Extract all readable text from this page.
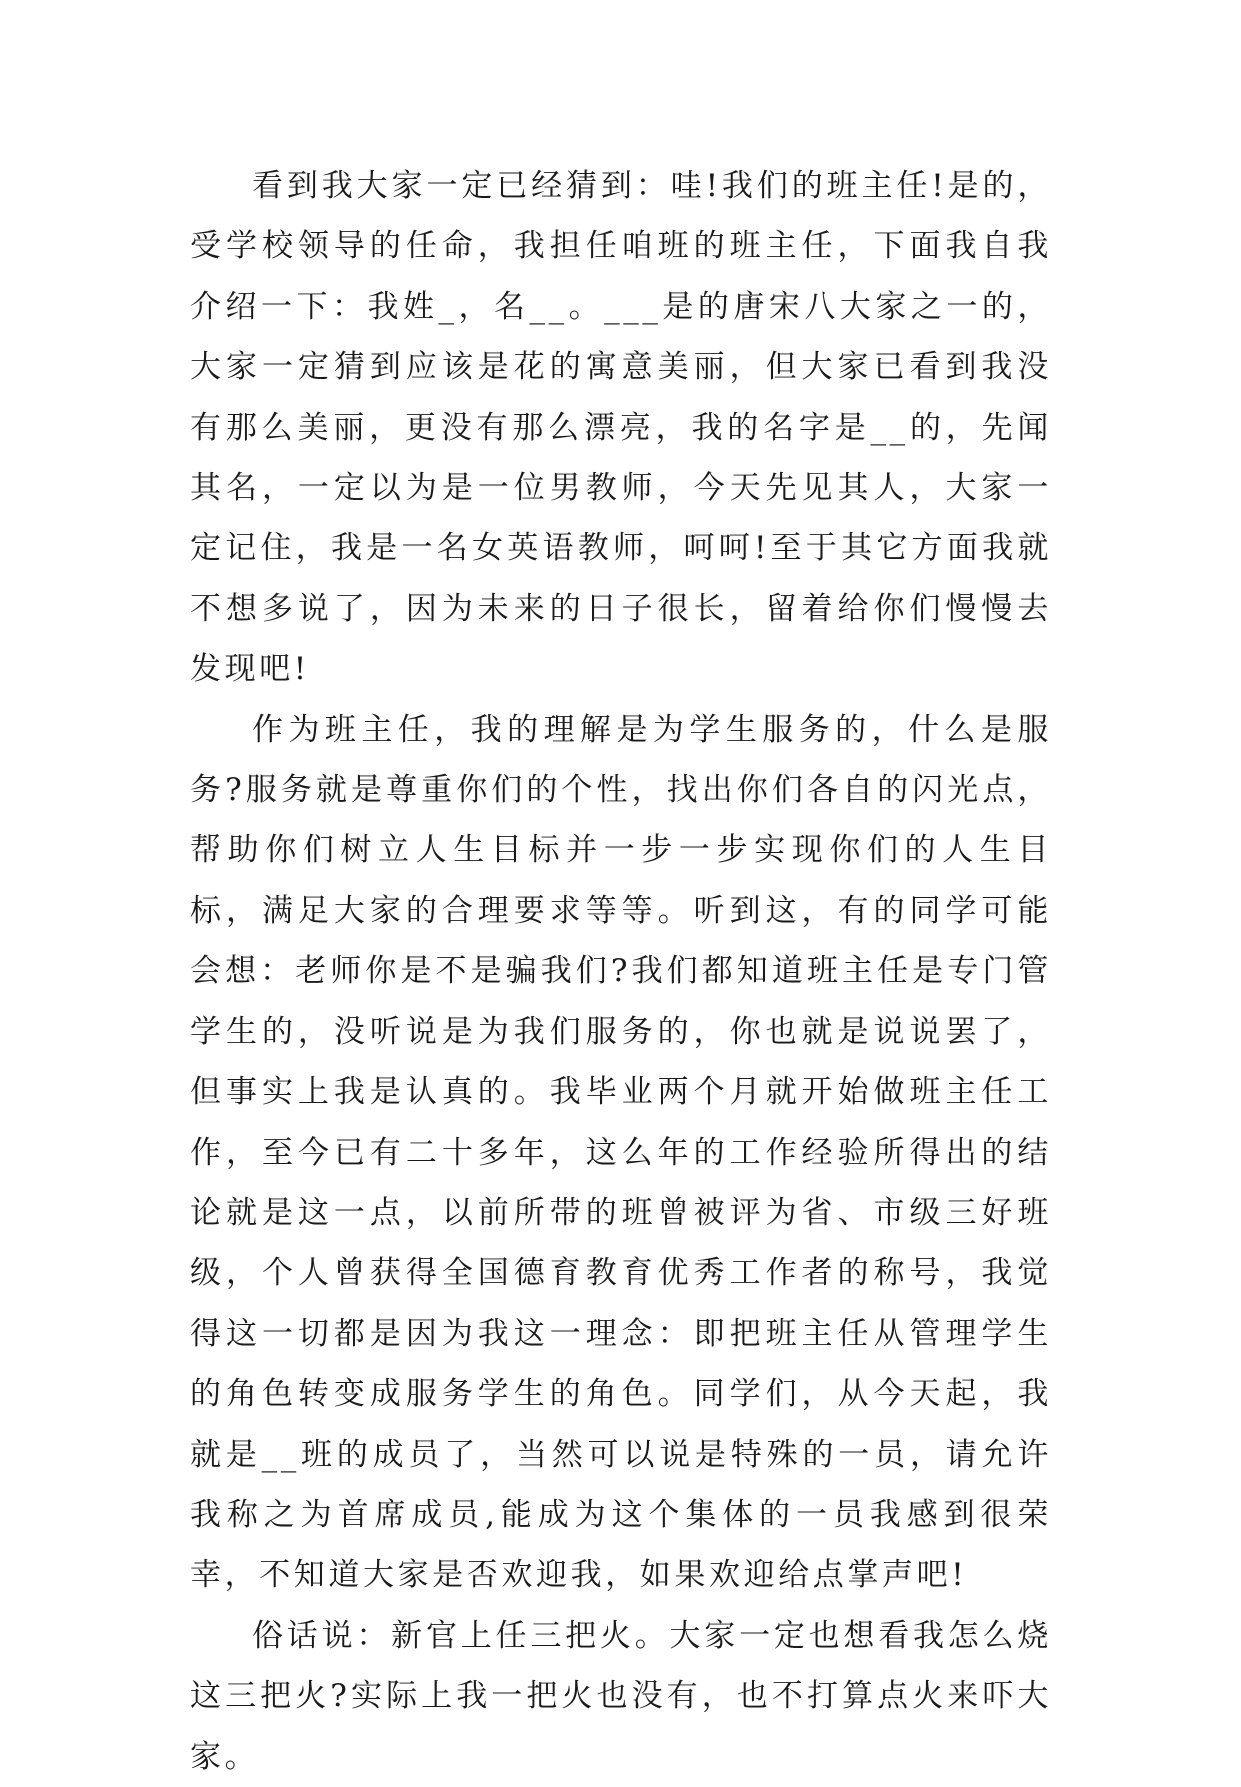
看到我大家一定已经猜到：哇!我们的班主任!是的，受学校领导的任命，我担任咱班的班主任，下面我自我介绍一下：我姓_，名__。___是的唐宋八大家之一的，大家一定猜到应该是花的寓意美丽，但大家已看到我没有那么美丽，更没有那么漂亮，我的名字是__的，先闻其名，一定以为是一位男教师，今天先见其人，大家一定记住，我是一名女英语教师，呵呵!至于其它方面我就不想多说了，因为未来的日子很长，留着给你们慢慢去发现吧!

作为班主任，我的理解是为学生服务的，什么是服务?服务就是尊重你们的个性，找出你们各自的闪光点，帮助你们树立人生目标并一步一步实现你们的人生目标，满足大家的合理要求等等。听到这，有的同学可能会想：老师你是不是骗我们?我们都知道班主任是专门管学生的，没听说是为我们服务的，你也就是说说罢了，但事实上我是认真的。我毕业两个月就开始做班主任工作，至今已有二十多年，这么年的工作经验所得出的结论就是这一点，以前所带的班曾被评为省、市级三好班级，个人曾获得全国德育教育优秀工作者的称号，我觉得这一切都是因为我这一理念：即把班主任从管理学生的角色转变成服务学生的角色。同学们，从今天起，我就是__班的成员了，当然可以说是特殊的一员，请允许我称之为首席成员,能成为这个集体的一员我感到很荣幸，不知道大家是否欢迎我，如果欢迎给点掌声吧!

俗话说：新官上任三把火。大家一定也想看我怎么烧这三把火?实际上我一把火也没有，也不打算点火来吓大家。
